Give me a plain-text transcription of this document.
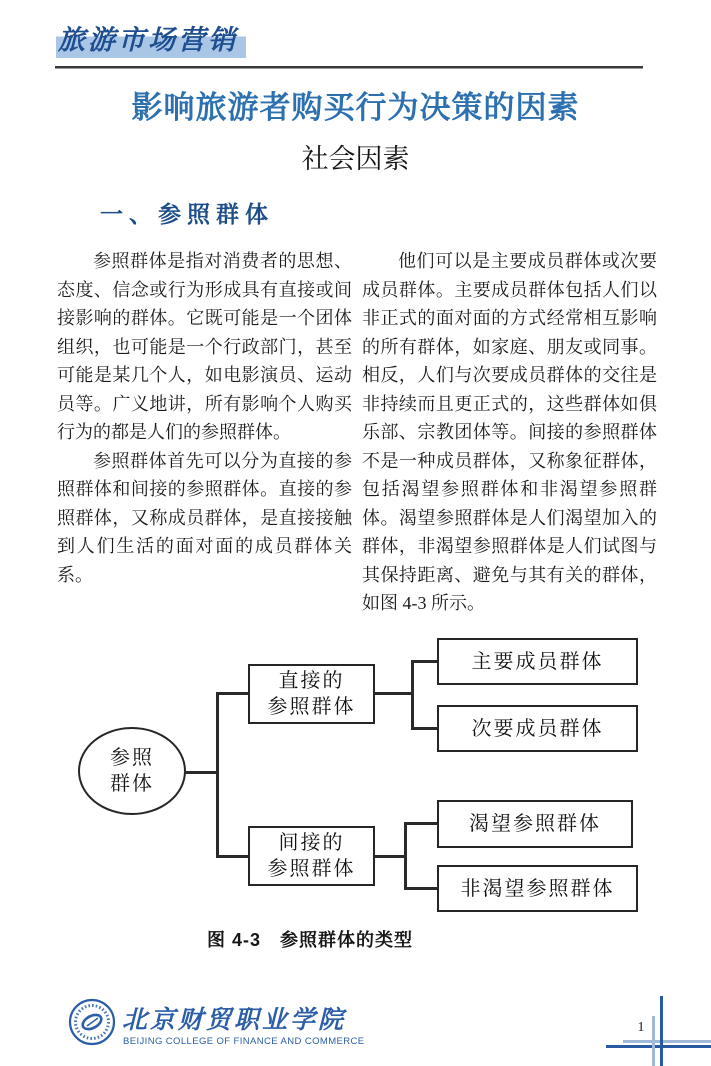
旅游市场营销
影响旅游者购买行为决策的因素
社会因素
一、参照群体

参照群体是指对消费者的思想、态度、信念或行为形成具有直接或间接影响的群体。它既可能是一个团体组织，也可能是一个行政部门，甚至可能是某几个人，如电影演员、运动员等。广义地讲，所有影响个人购买行为的都是人们的参照群体。

参照群体首先可以分为直接的参照群体和间接的参照群体。直接的参照群体，又称成员群体，是直接接触到人们生活的面对面的成员群体关系。

他们可以是主要成员群体或次要成员群体。主要成员群体包括人们以非正式的面对面的方式经常相互影响的所有群体，如家庭、朋友或同事。相反，人们与次要成员群体的交往是非持续而且更正式的，这些群体如俱乐部、宗教团体等。间接的参照群体不是一种成员群体，又称象征群体，包括渴望参照群体和非渴望参照群体。渴望参照群体是人们渴望加入的群体，非渴望参照群体是人们试图与其保持距离、避免与其有关的群体，如图 4-3 所示。

参照
群体
直接的
参照群体
间接的
参照群体
主要成员群体
次要成员群体
渴望参照群体
非渴望参照群体
图 4-3　参照群体的类型
北京财贸职业学院
BEIJING COLLEGE OF FINANCE AND COMMERCE
1
